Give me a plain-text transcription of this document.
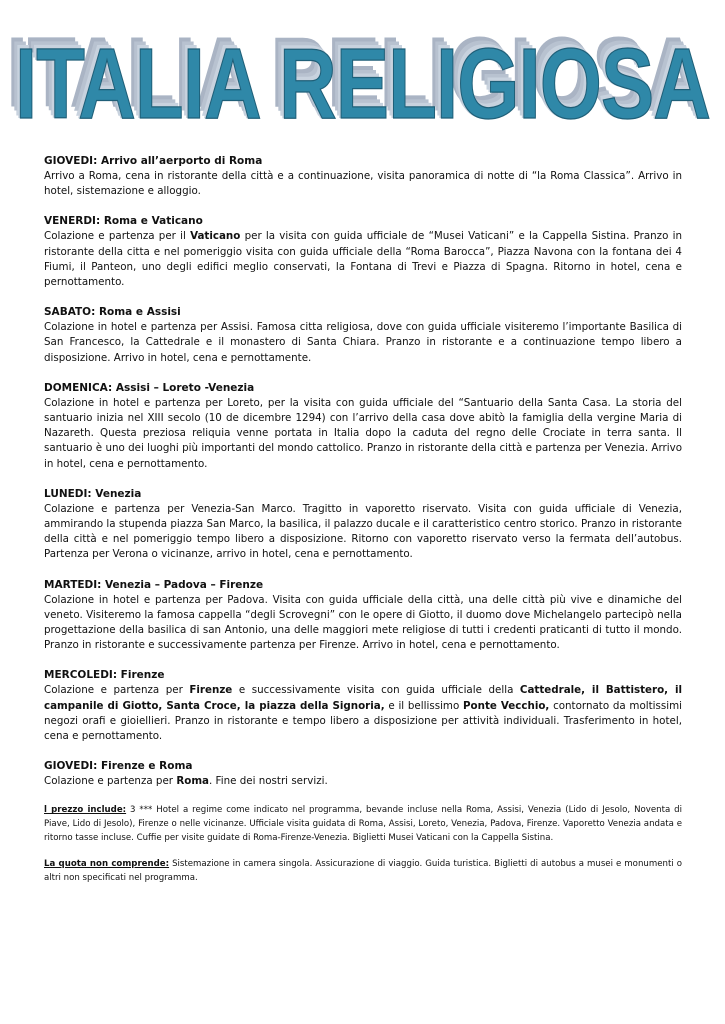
ITALIA RELIGIOSA
GIOVEDI: Arrivo all’aerporto di Roma
Arrivo a Roma, cena in ristorante della città e a continuazione, visita panoramica di notte di “la Roma Classica”. Arrivo in hotel, sistemazione e alloggio.
VENERDI: Roma e Vaticano
Colazione e partenza per il Vaticano per la visita con guida ufficiale de “Musei Vaticani” e la Cappella Sistina. Pranzo in ristorante della citta e nel pomeriggio visita con guida ufficiale della “Roma Barocca”, Piazza Navona con la fontana dei 4 Fiumi, il Panteon, uno degli edifici meglio conservati, la Fontana di Trevi e Piazza di Spagna. Ritorno in hotel, cena e pernottamento.
SABATO: Roma e Assisi
Colazione in hotel e partenza per Assisi. Famosa citta religiosa, dove con guida ufficiale visiteremo l’importante Basilica di San Francesco, la Cattedrale e il monastero di Santa Chiara. Pranzo in ristorante e a continuazione tempo libero a disposizione. Arrivo in hotel, cena e pernottamente.
DOMENICA: Assisi – Loreto -Venezia
Colazione in hotel e partenza per Loreto, per la visita con guida ufficiale del “Santuario della Santa Casa. La storia del santuario inizia nel XIII secolo (10 de dicembre 1294) con l’arrivo della casa dove abitò la famiglia della vergine Maria di Nazareth. Questa preziosa reliquia venne portata in Italia dopo la caduta del regno delle Crociate in terra santa. Il santuario è uno dei luoghi più importanti del mondo cattolico. Pranzo in ristorante della città e partenza per Venezia. Arrivo in hotel, cena e pernottamento.
LUNEDI: Venezia
Colazione e partenza per Venezia-San Marco. Tragitto in vaporetto riservato. Visita con guida ufficiale di Venezia, ammirando la stupenda piazza San Marco, la basilica, il palazzo ducale e il caratteristico centro storico. Pranzo in ristorante della città e nel pomeriggio tempo libero a disposizione. Ritorno con vaporetto riservato verso la fermata dell’autobus. Partenza per Verona o vicinanze, arrivo in hotel, cena e pernottamento.
MARTEDI: Venezia – Padova – Firenze
Colazione in hotel e partenza per Padova. Visita con guida ufficiale della città, una delle città più vive e dinamiche del veneto. Visiteremo la famosa cappella “degli Scrovegni” con le opere di Giotto, il duomo dove Michelangelo partecipò nella progettazione della basilica di san Antonio, una delle maggiori mete religiose di tutti i credenti praticanti di tutto il mondo. Pranzo in ristorante e successivamente partenza per Firenze. Arrivo in hotel, cena e pernottamento.
MERCOLEDI: Firenze
Colazione e partenza per Firenze e successivamente visita con guida ufficiale della Cattedrale, il Battistero, il campanile di Giotto, Santa Croce, la piazza della Signoria, e il bellissimo Ponte Vecchio, contornato da moltissimi negozi orafi e gioiellieri. Pranzo in ristorante e tempo libero a disposizione per attività individuali. Trasferimento in hotel, cena e pernottamento.
GIOVEDI: Firenze e Roma
Colazione e partenza per Roma. Fine dei nostri servizi.
l prezzo include: 3 *** Hotel a regime come indicato nel programma, bevande incluse nella Roma, Assisi, Venezia (Lido di Jesolo, Noventa di Piave, Lido di Jesolo), Firenze o nelle vicinanze. Ufficiale visita guidata di Roma, Assisi, Loreto, Venezia, Padova, Firenze. Vaporetto Venezia andata e ritorno tasse incluse. Cuffie per visite guidate di Roma-Firenze-Venezia. Biglietti Musei Vaticani con la Cappella Sistina.
La quota non comprende: Sistemazione in camera singola. Assicurazione di viaggio. Guida turistica. Biglietti di autobus a musei e monumenti o altri non specificati nel programma.
